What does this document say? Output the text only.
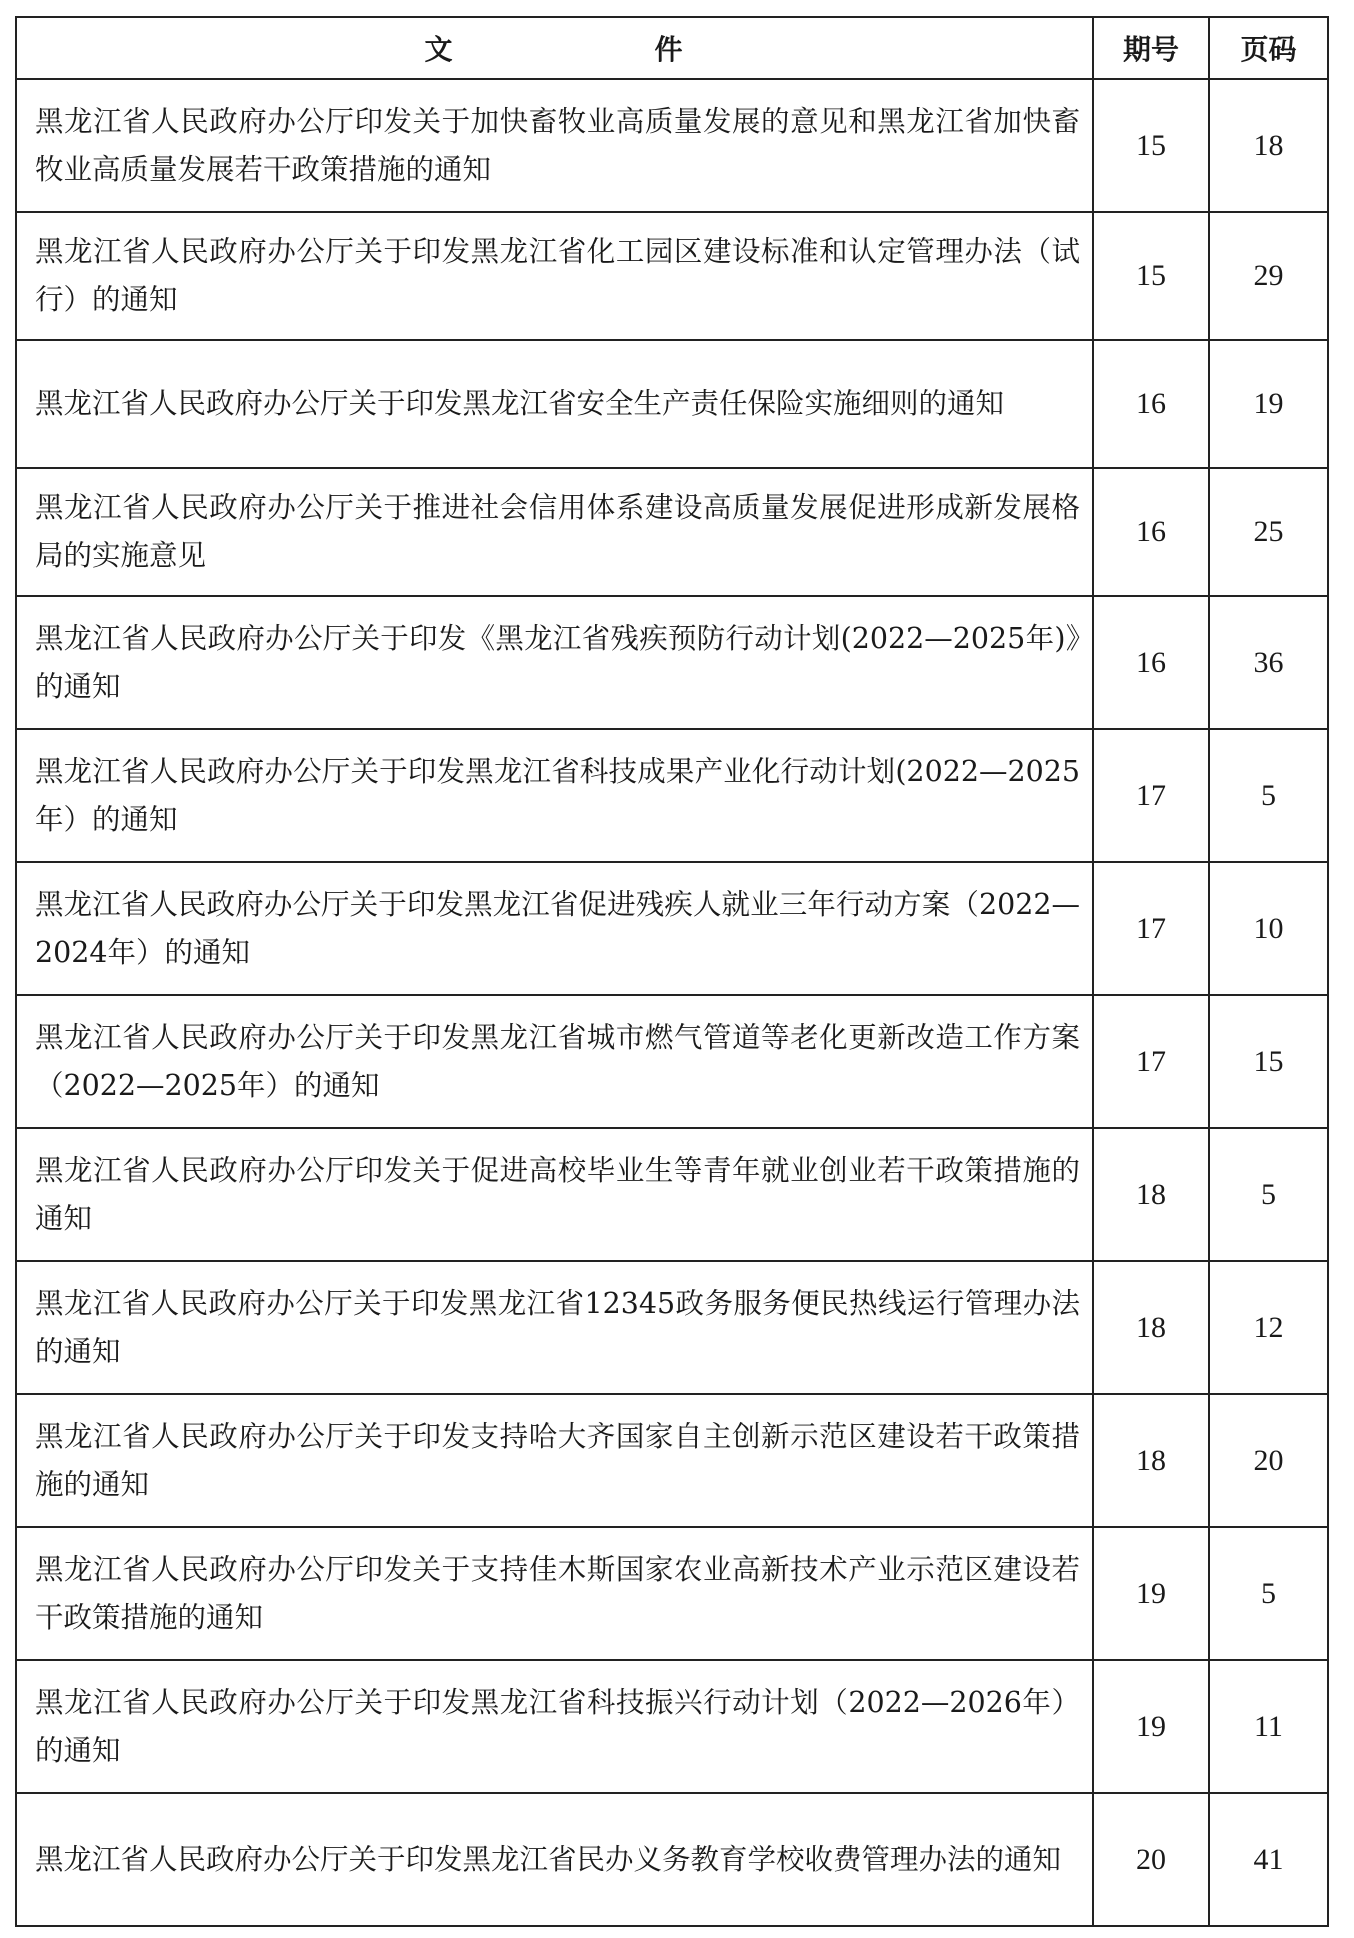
文 件	期号	页码
黑龙江省人民政府办公厅印发关于加快畜牧业高质量发展的意见和黑龙江省加快畜牧业高质量发展若干政策措施的通知	15	18
黑龙江省人民政府办公厅关于印发黑龙江省化工园区建设标准和认定管理办法（试行）的通知	15	29
黑龙江省人民政府办公厅关于印发黑龙江省安全生产责任保险实施细则的通知	16	19
黑龙江省人民政府办公厅关于推进社会信用体系建设高质量发展促进形成新发展格局的实施意见	16	25
黑龙江省人民政府办公厅关于印发《黑龙江省残疾预防行动计划(2022—2025年)》的通知	16	36
黑龙江省人民政府办公厅关于印发黑龙江省科技成果产业化行动计划(2022—2025年）的通知	17	5
黑龙江省人民政府办公厅关于印发黑龙江省促进残疾人就业三年行动方案（2022—2024年）的通知	17	10
黑龙江省人民政府办公厅关于印发黑龙江省城市燃气管道等老化更新改造工作方案（2022—2025年）的通知	17	15
黑龙江省人民政府办公厅印发关于促进高校毕业生等青年就业创业若干政策措施的通知	18	5
黑龙江省人民政府办公厅关于印发黑龙江省12345政务服务便民热线运行管理办法的通知	18	12
黑龙江省人民政府办公厅关于印发支持哈大齐国家自主创新示范区建设若干政策措施的通知	18	20
黑龙江省人民政府办公厅印发关于支持佳木斯国家农业高新技术产业示范区建设若干政策措施的通知	19	5
黑龙江省人民政府办公厅关于印发黑龙江省科技振兴行动计划（2022—2026年）的通知	19	11
黑龙江省人民政府办公厅关于印发黑龙江省民办义务教育学校收费管理办法的通知	20	41
